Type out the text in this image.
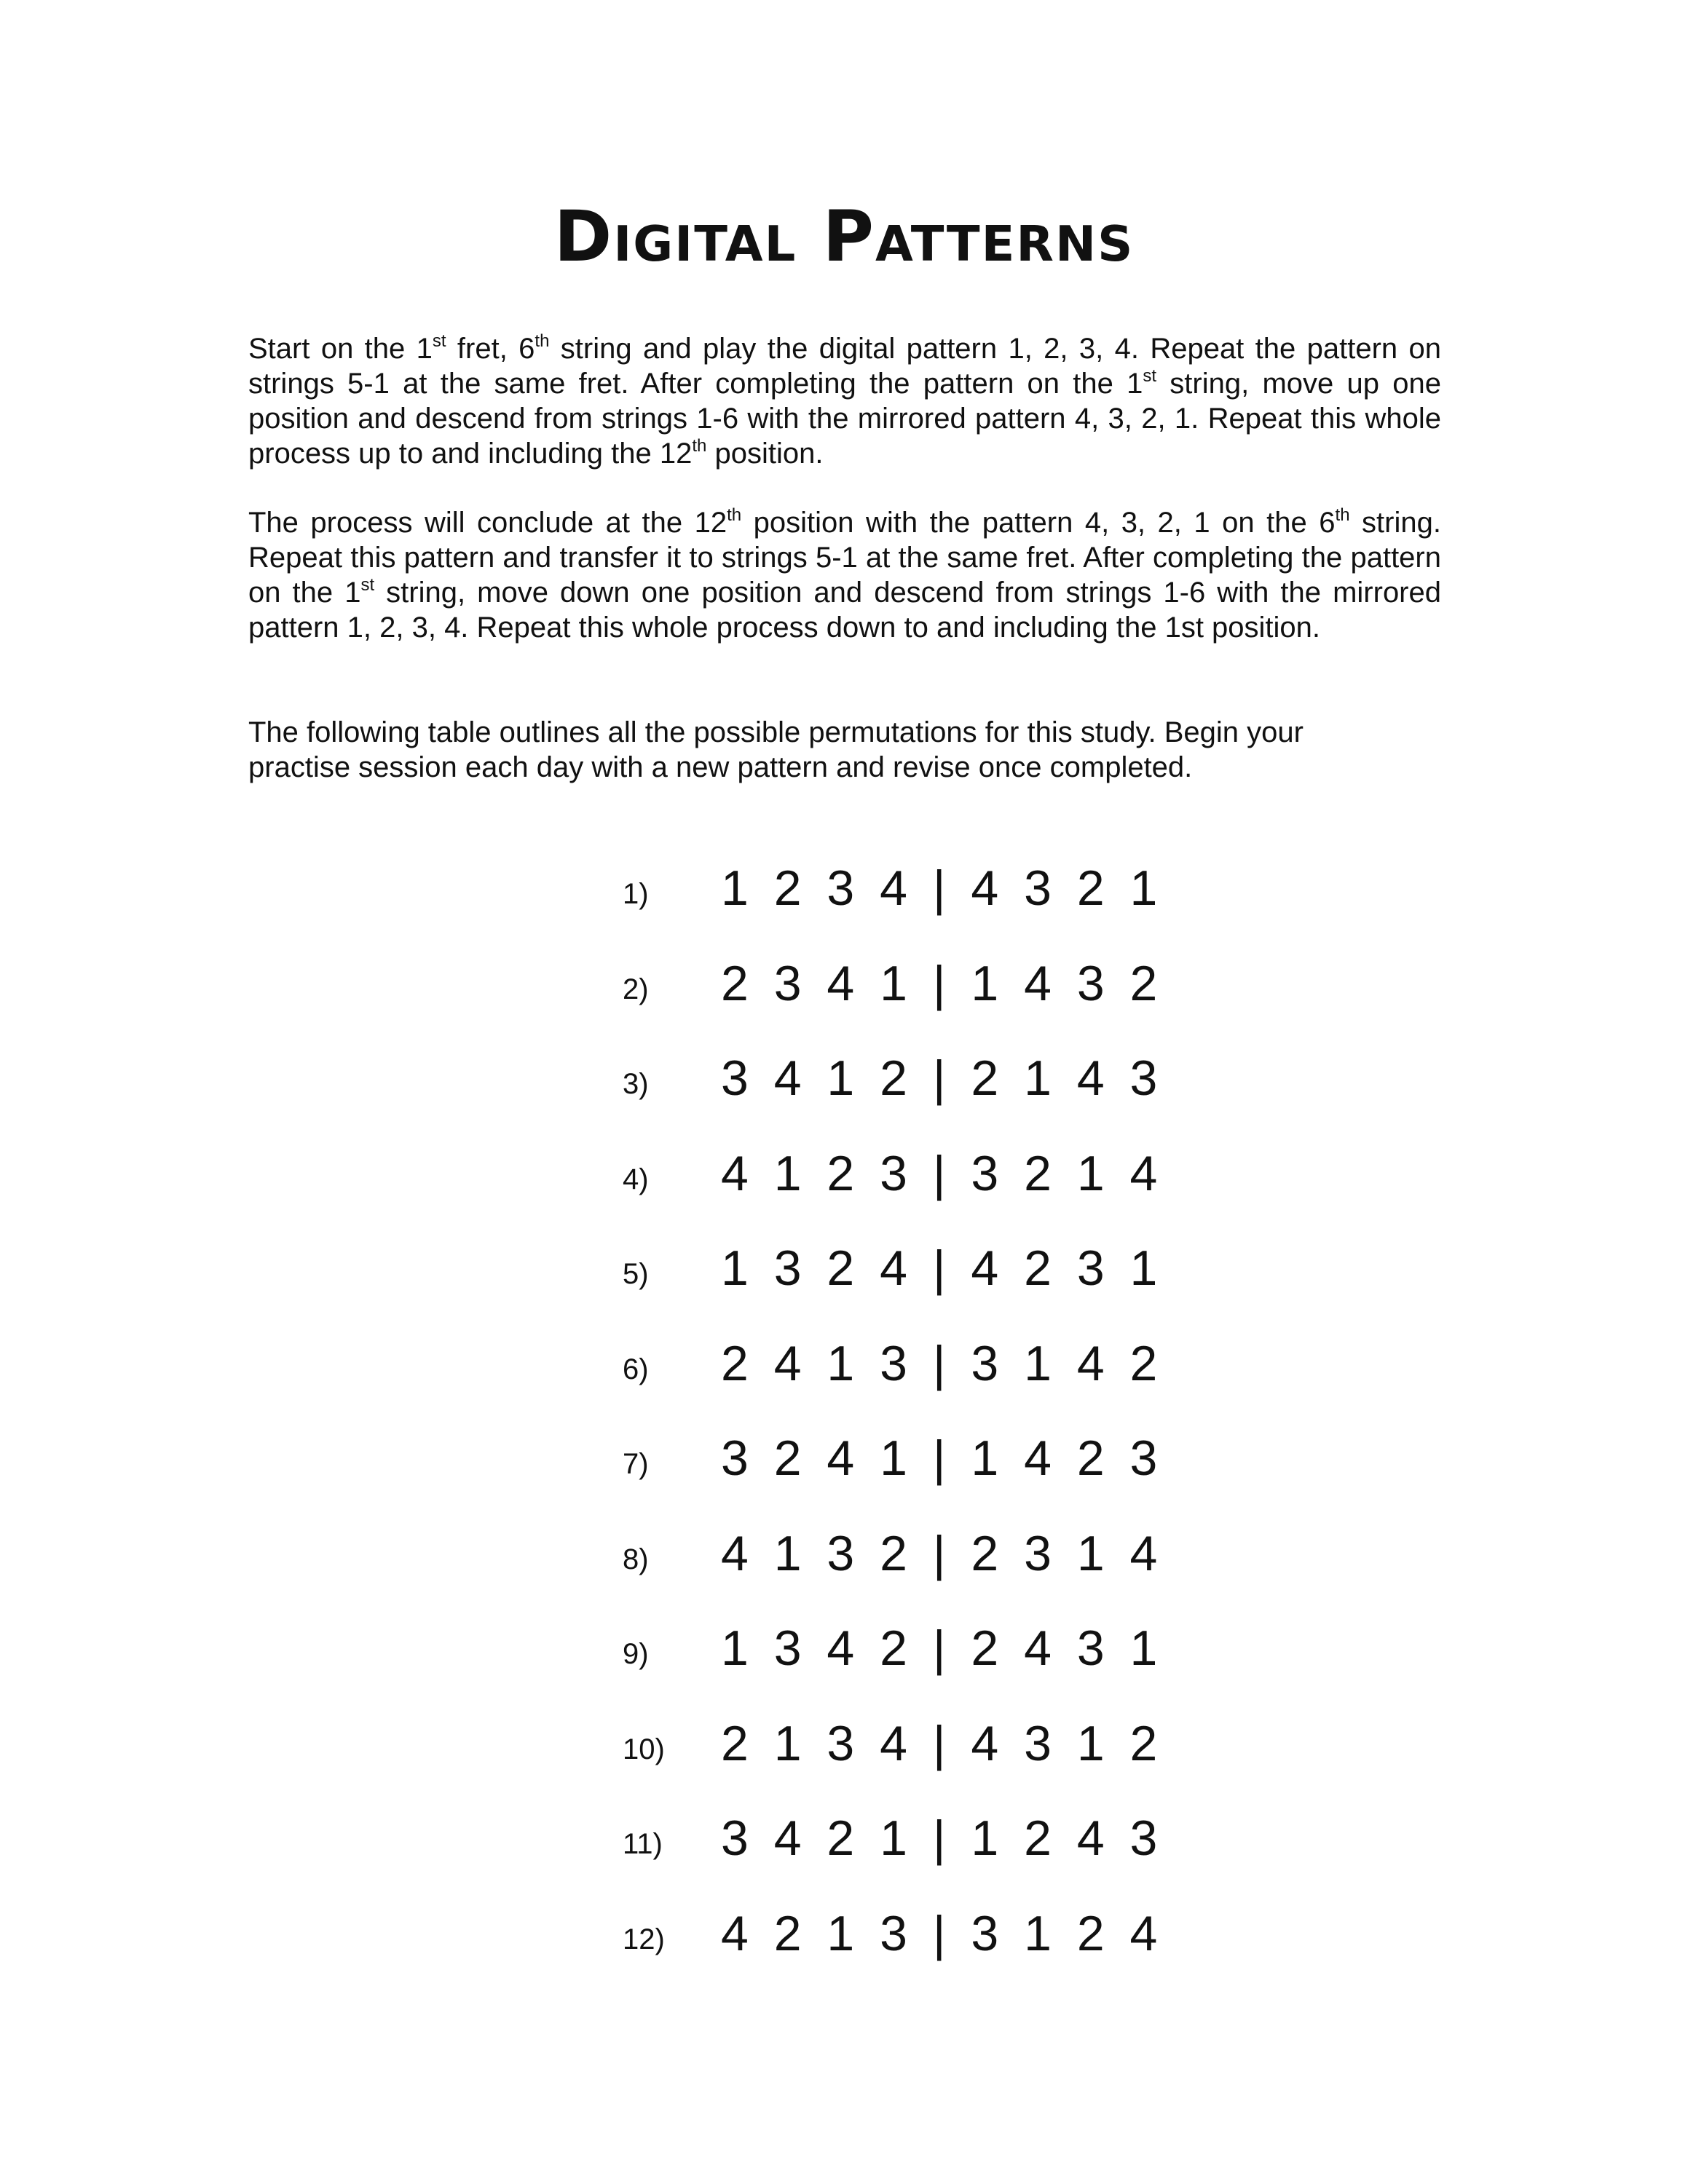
Digital Patterns

Start on the 1st fret, 6th string and play the digital pattern 1, 2, 3, 4. Repeat the pattern on strings 5-1 at the same fret. After completing the pattern on the 1st string, move up one position and descend from strings 1-6 with the mirrored pattern 4, 3, 2, 1. Repeat this whole process up to and including the 12th position.

The process will conclude at the 12th position with the pattern 4, 3, 2, 1 on the 6th string. Repeat this pattern and transfer it to strings 5-1 at the same fret. After completing the pattern on the 1st string, move down one position and descend from strings 1-6 with the mirrored pattern 1, 2, 3, 4. Repeat this whole process down to and including the 1st position.

The following table outlines all the possible permutations for this study. Begin your
practise session each day with a new pattern and revise once completed.

1) 1 2 3 4 | 4 3 2 1
2) 2 3 4 1 | 1 4 3 2
3) 3 4 1 2 | 2 1 4 3
4) 4 1 2 3 | 3 2 1 4
5) 1 3 2 4 | 4 2 3 1
6) 2 4 1 3 | 3 1 4 2
7) 3 2 4 1 | 1 4 2 3
8) 4 1 3 2 | 2 3 1 4
9) 1 3 4 2 | 2 4 3 1
10) 2 1 3 4 | 4 3 1 2
11) 3 4 2 1 | 1 2 4 3
12) 4 2 1 3 | 3 1 2 4
